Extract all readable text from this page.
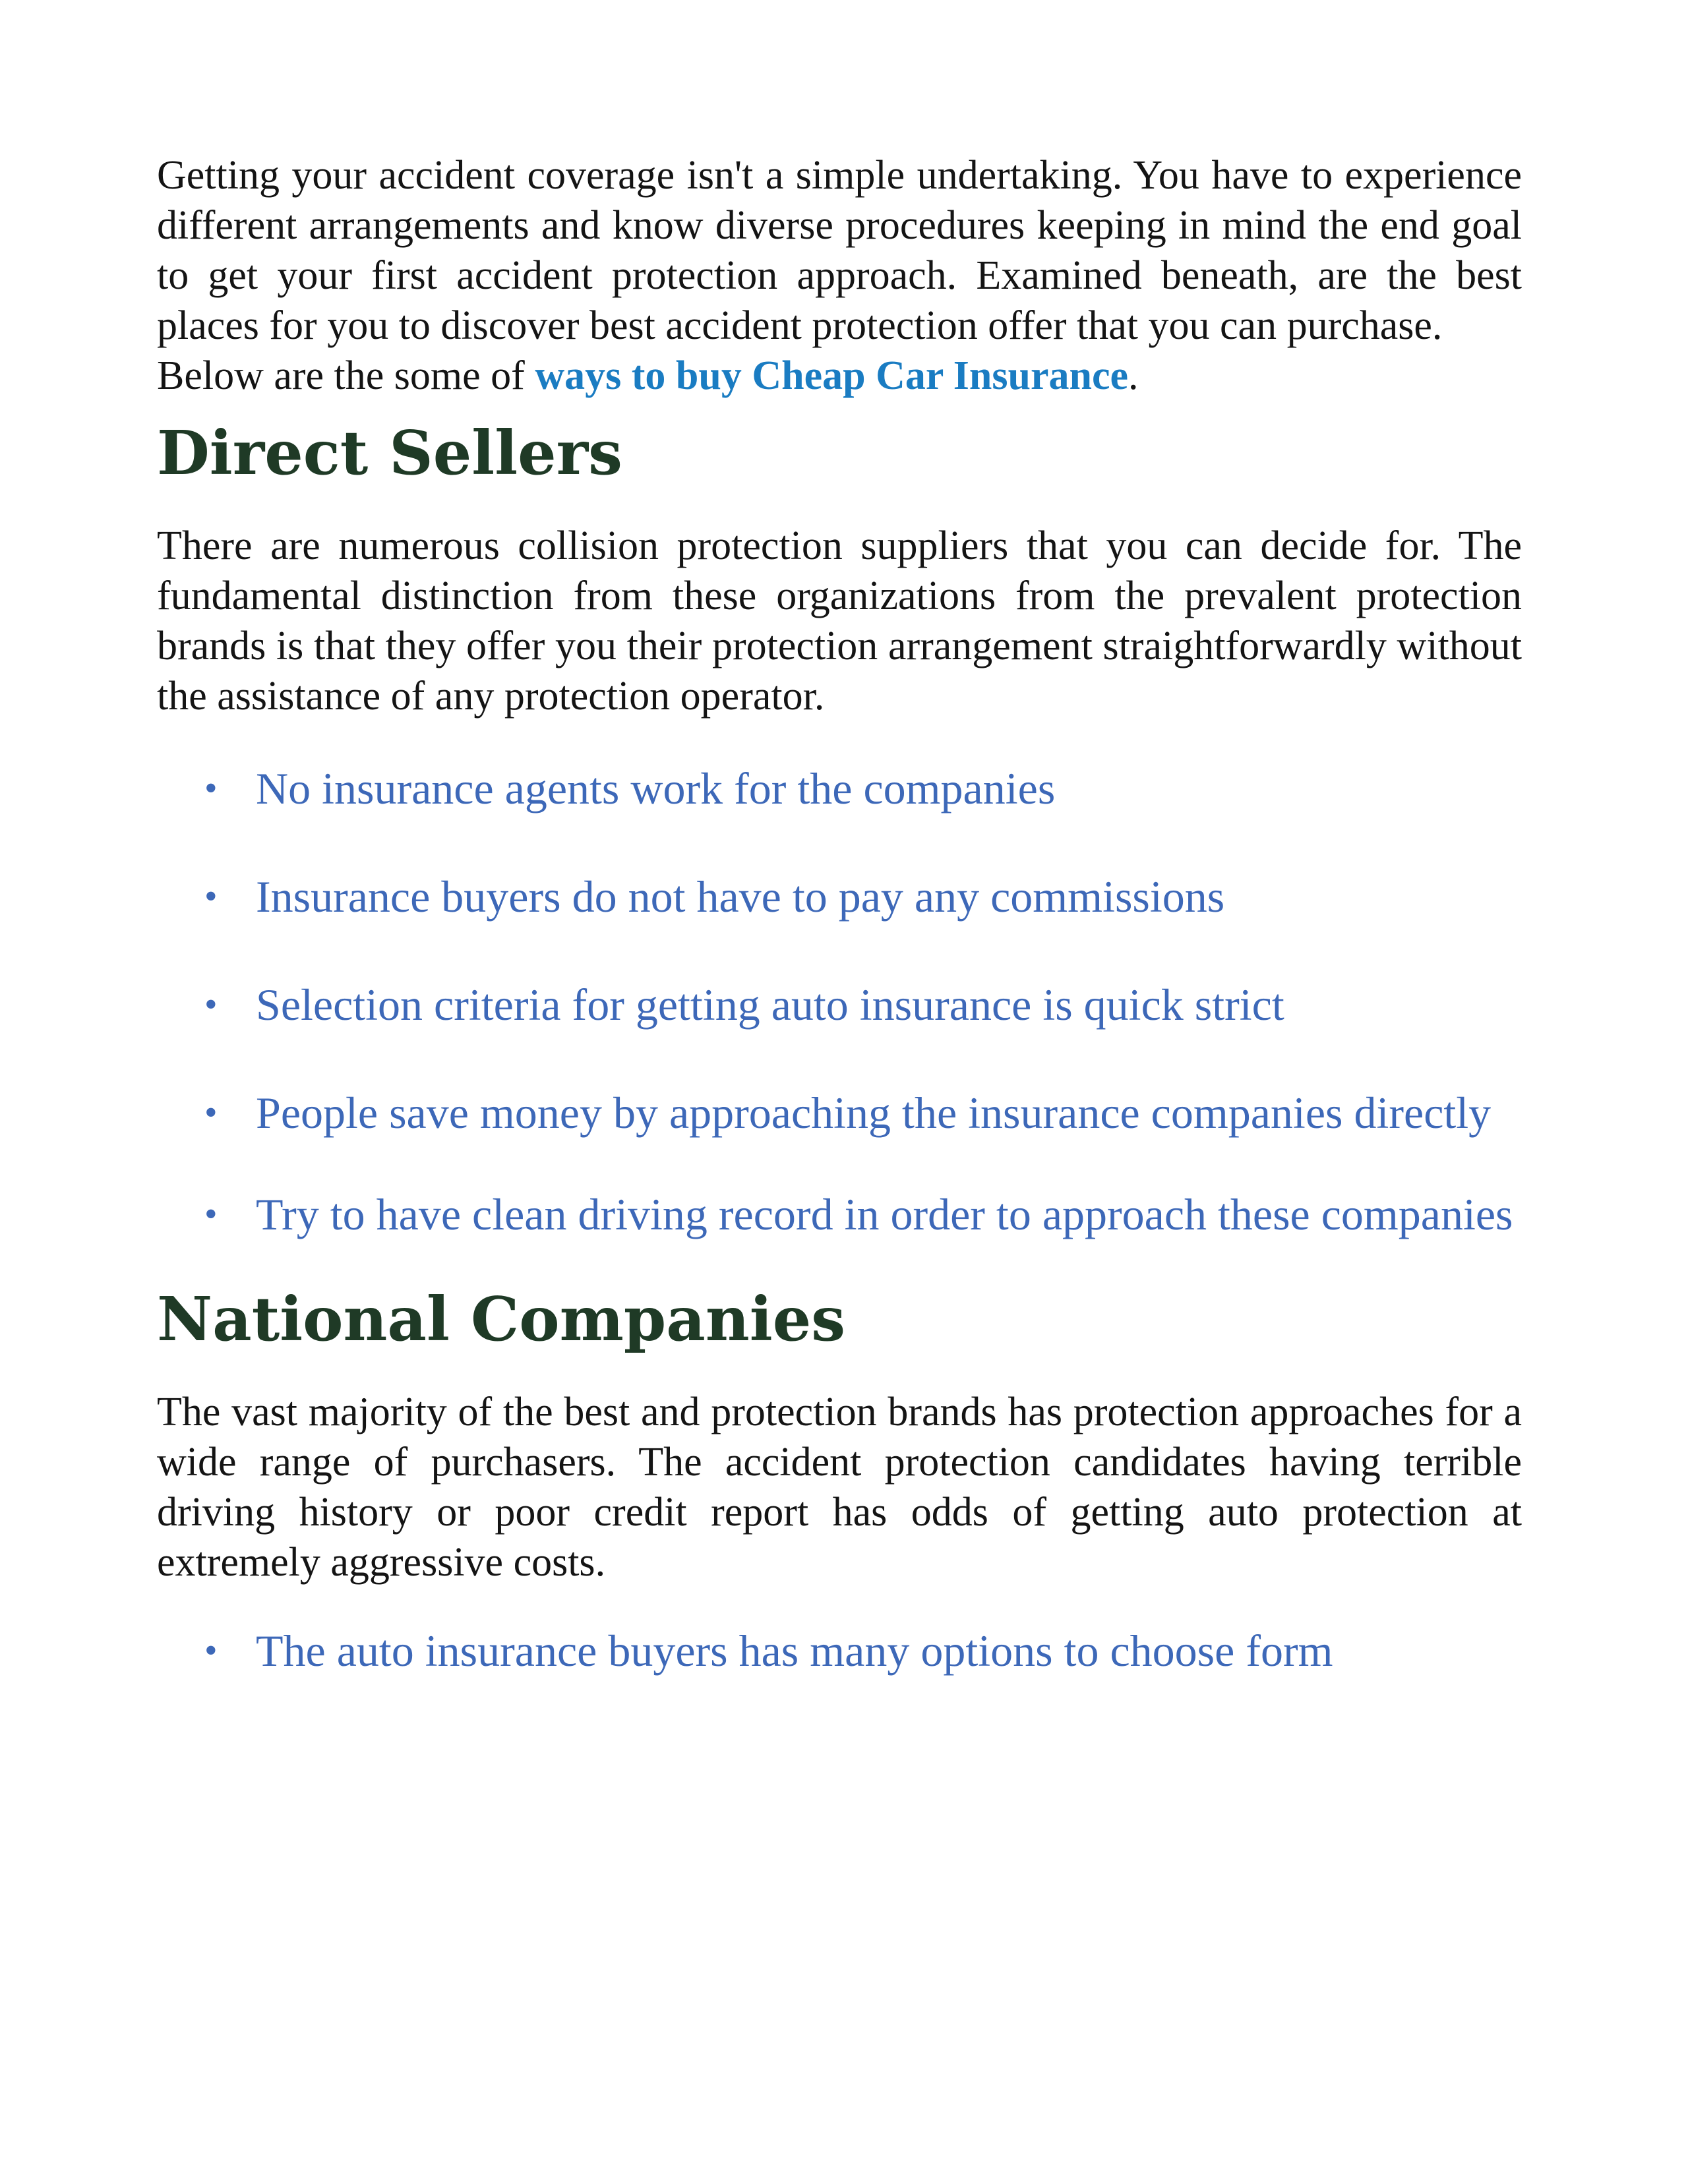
Getting your accident coverage isn't a simple undertaking. You have to experience different arrangements and know diverse procedures keeping in mind the end goal to get your first accident protection approach. Examined beneath, are the best places for you to discover best accident protection offer that you can purchase.

Below are the some of ways to buy Cheap Car Insurance.

Direct Sellers

There are numerous collision protection suppliers that you can decide for. The fundamental distinction from these organizations from the prevalent protection brands is that they offer you their protection arrangement straightforwardly without the assistance of any protection operator.

• No insurance agents work for the companies
• Insurance buyers do not have to pay any commissions
• Selection criteria for getting auto insurance is quick strict
• People save money by approaching the insurance companies directly
• Try to have clean driving record in order to approach these companies
National Companies

The vast majority of the best and protection brands has protection approaches for a wide range of purchasers. The accident protection candidates having terrible driving history or poor credit report has odds of getting auto protection at extremely aggressive costs.

• The auto insurance buyers has many options to choose form
